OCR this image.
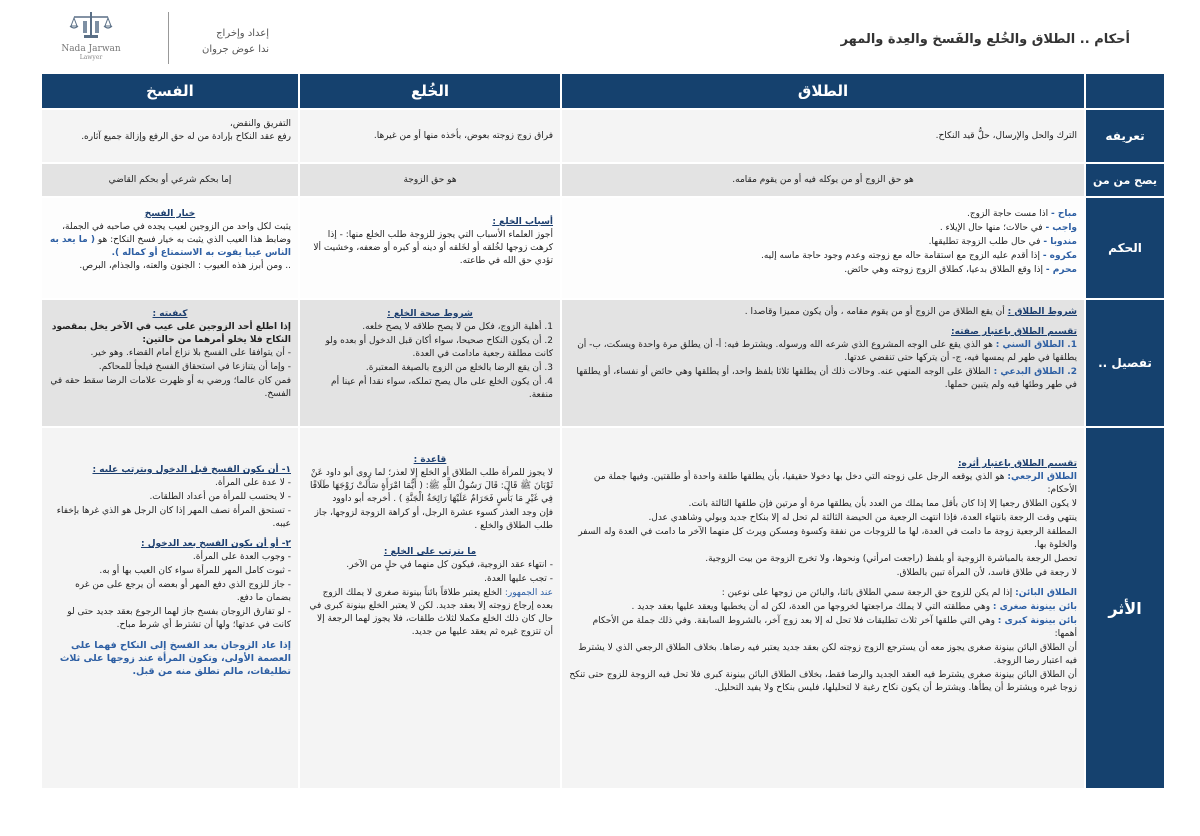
أحكام .. الطلاق والخُلع والفَسخ والعِدة والمهر
Nada Jarwan
Lawyer
إعداد وإخراج
ندا عوض جروان
الطلاق
الخُلع
الفسخ
تعريفه
الترك والحل والإرسال، حلُّ قيد النكاح.
فراق زوج زوجته بعوض، بأخذه منها أو من غيرها.
التفريق والنقض،
رفع عقد النكاح بإرادة من له حق الرفع وإزالة جميع آثاره.
يصح من من
هو حق الزوج أو من يوكله فيه أو من يقوم مقامه.
هو حق الزوجة
إما بحكم شرعي أو بحكم القاضي
الحكم
مباح - اذا مست حاجة الزوج.
واجب - في حالات؛ منها حال الإيلاء .
مندوبا - في حال طلب الزوجة تطليقها.
مكروه - إذا أقدم عليه الزوج مع استقامة حاله مع زوجته وعدم وجود حاجة ماسه إليه.
محرم - إذا وقع الطلاق بدعيا، كطلاق الزوج زوجته وهي حائض.
أسباب الخلع :
أجوز العلماء الأسباب التي يجوز للزوجة طلب الخلع منها: - إذا كرهت زوجها لخُلقه أو لخَلقه أو دينه أو كبره أو ضعفه، وخشيت ألا تؤدي حق الله في طاعته.
خيار الفسخ
يثبت لكل واحد من الزوجين لعيب يجده في صاحبه في الجملة، وضابط هذا العيب الذي يثبت به خيار فسخ النكاح: هو ( ما يعد به الناس عيبا يفوت به الاستمتاع أو كماله ).
.. ومن أبرز هذه العيوب : الجنون والعته، والجذام، البرص.
تفصيل ..
شروط الطلاق : أن يقع الطلاق من الزوج أو من يقوم مقامه ، وأن يكون مميزا وقاصدا .
تقسيم الطلاق باعتبار صفته:
1. الطلاق السني : هو الذي يقع على الوجه المشروع الذي شرعه الله ورسوله. ويشترط فيه: أ- أن يطلق مرة واحدة ويسكت، ب- أن يطلقها في طهر لم يمسها فيه، ج- أن يتركها حتى تنقضي عدتها.
2. الطلاق البدعي : الطلاق على الوجه المنهي عنه. وحالات ذلك أن يطلقها ثلاثا بلفظ واحد، أو يطلقها وهي حائض أو نفساء، أو يطلقها في طهر وطئها فيه ولم يتبين حملها.
شروط صحة الخلع :
1. أهلية الزوج، فكل من لا يصح طلاقه لا يصح خلعه.
2. أن يكون النكاح صحيحا، سواء أكان قبل الدخول أو بعده ولو كانت مطلقة رجعية مادامت في العدة.
3. أن يقع الرضا بالخلع من الزوج بالصيغة المعتبرة.
4. أن يكون الخلع على مال يصح تملكه، سواء نقدا أم عينا أم منفعة.
كيفيته :
إذا اطلع أحد الزوجين على عيب في الآخر يخل بمقصود النكاح فلا يخلو أمرهما من حالتين:
- أن يتوافقا على الفسخ بلا نزاع أمام القضاء. وهو خير.
- وإما أن يتنازعا في استحقاق الفسخ فيلجأ للمحاكم.
فمن كان عالما؛ ورضي به أو ظهرت علامات الرضا سقط حقه في الفسخ.
الأثر
تقسيم الطلاق باعتبار أثره:
الطلاق الرجعي: هو الذي يوقعه الرجل على زوجته التي دخل بها دخولا حقيقيا، بأن يطلقها طلقة واحدة أو طلقتين. وفيها جملة من الأحكام:
لا يكون الطلاق رجعيا إلا إذا كان بأقل مما يملك من العدد بأن يطلقها مرة أو مرتين فإن طلقها الثالثة بانت.
ينتهي وقت الرجعة بانتهاء العدة، فإذا انتهت الرجعية من الحيضة الثالثة لم تحل له إلا بنكاح جديد وبولي وشاهدي عدل.
المطلقة الرجعية زوجة ما دامت في العدة، لها ما للزوجات من نفقة وكسوة ومسكن ويرث كل منهما الآخر ما دامت في العدة وله السفر والخلوة بها.
تحصل الرجعة بالمباشرة الزوجية أو بلفظ (راجعت امرأتي) ونحوها، ولا تخرج الزوجة من بيت الزوجية.
لا رجعة في طلاق فاسد، لأن المرأة تبين بالطلاق.
الطلاق البائن: إذا لم يكن للزوج حق الرجعة سمي الطلاق بائنا، والبائن من زوجها على نوعين :
بائن بينونة صغرى : وهي مطلقته التي لا يملك مراجعتها لخروجها من العدة، لكن له أن يخطبها ويعقد عليها بعقد جديد .
بائن بينونة كبرى : وهي التي طلقها آخر ثلاث تطليقات فلا تحل له إلا بعد زوج آخر، بالشروط السابقة. وفي ذلك جملة من الأحكام أهمها:
أن الطلاق البائن بينونة صغرى يجوز معه أن يسترجع الزوج زوجته لكن بعقد جديد يعتبر فيه رضاها. بخلاف الطلاق الرجعي الذي لا يشترط فيه اعتبار رضا الزوجة.
أن الطلاق البائن بينونة صغرى يشترط فيه العقد الجديد والرضا فقط، بخلاف الطلاق البائن بينونة كبرى فلا تحل فيه الزوجة للزوج حتى تنكح زوجا غيره ويشترط أن يطأها. ويشترط أن يكون نكاح رغبة لا لتحليلها، فليس بنكاح ولا يفيد التحليل.
قاعدة :
لا يجوز للمرأة طلب الطلاق أو الخلع إلا لعذر؛ لما روى أبو داود عَنْ ثَوْبَانَ ﷺ قَالَ: قَالَ رَسُولُ اللَّهِ ﷺ: ( أَيُّمَا امْرَأَةٍ سَأَلَتْ زَوْجَهَا طَلَاقًا فِي غَيْرِ مَا بَأْسٍ فَحَرَامٌ عَلَيْهَا رَائِحَةُ الْجَنَّةِ ) . أخرجه أبو داوود
فإن وجد العذر كسوء عشرة الرجل، أو كراهة الزوجة لزوجها، جاز طلب الطلاق والخلع .
ما يترتب على الخلع :
- انتهاء عقد الزوجية، فيكون كل منهما في حلٍ من الآخر.
- تجب عليها العدة.
عند الجمهور: الخلع يعتبر طلاقاً بائناً بينونة صغرى لا يملك الزوج بعده إرجاع زوجته إلا بعقد جديد. لكن لا يعتبر الخلع بينونة كبرى في حال كان ذلك الخلع مكملا لثلاث طلقات، فلا يجوز لهما الرجعة إلا أن تتزوج غيره ثم يعقد عليها من جديد.
١- أن يكون الفسخ قبل الدخول ويترتب عليه :
- لا عدة على المرأة.
- لا يحتسب للمرأة من أعداد الطلقات.
- تستحق المرأة نصف المهر إذا كان الرجل هو الذي غرها بإخفاء عيبه.
٢- أو أن يكون الفسخ بعد الدخول :
- وجوب العدة على المرأة.
- ثبوت كامل المهر للمرأة سواء كان العيب بها أو به.
- جاز للزوج الذي دفع المهر أو بعضه أن يرجع على من غره بضمان ما دفع.
- لو تفارق الزوجان بفسخ جاز لهما الرجوع بعقد جديد حتى لو كانت في عدتها؛ ولها أن تشترط أي شرط مباح.
إذا عاد الزوجان بعد الفسخ إلى النكاح فهما على العصمة الأولى، وتكون المرأة عند زوجها على ثلاث تطليقات، مالم تطلق منه من قبل.
